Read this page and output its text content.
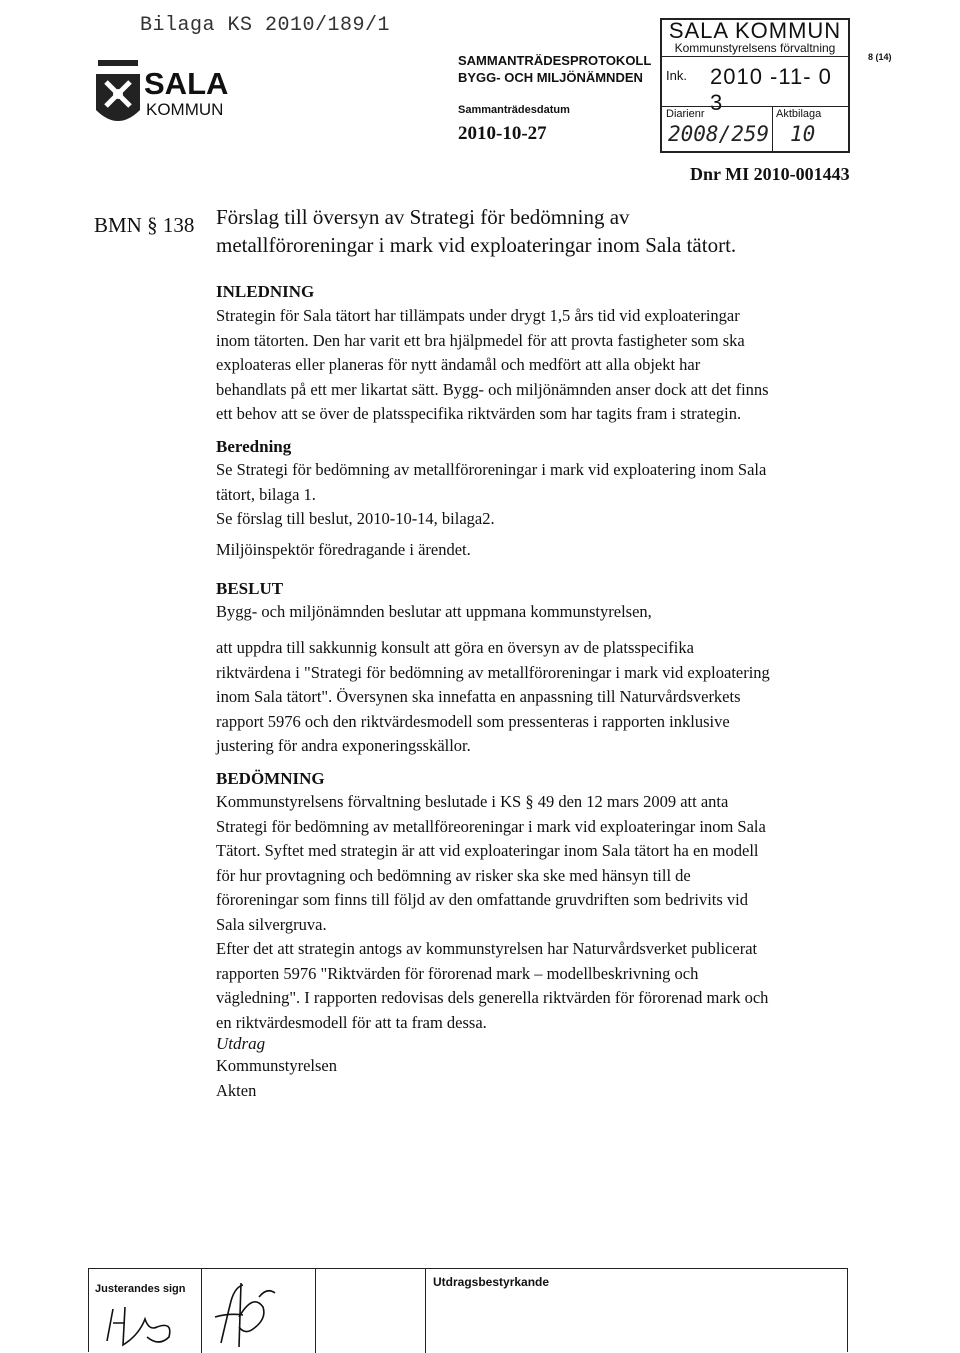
Bilaga KS 2010/189/1
SALA
KOMMUN
SAMMANTRÄDESPROTOKOLL
BYGG- OCH MILJÖNÄMNDEN
Sammanträdesdatum
2010-10-27
SALA KOMMUN
Kommunstyrelsens förvaltning
Ink. 2010 -11- 0 3
Diarienr	Aktbilaga
2008/259 10
8 (14)
Dnr MI 2010-001443
BMN § 138 Förslag till översyn av Strategi för bedömning av
metallföroreningar i mark vid exploateringar inom Sala tätort.
INLEDNING
Strategin för Sala tätort har tillämpats under drygt 1,5 års tid vid exploateringar
inom tätorten. Den har varit ett bra hjälpmedel för att provta fastigheter som ska
exploateras eller planeras för nytt ändamål och medfört att alla objekt har
behandlats på ett mer likartat sätt. Bygg- och miljönämnden anser dock att det finns
ett behov att se över de platsspecifika riktvärden som har tagits fram i strategin.
Beredning
Se Strategi för bedömning av metallföroreningar i mark vid exploatering inom Sala
tätort, bilaga 1.
Se förslag till beslut, 2010-10-14, bilaga2.
Miljöinspektör föredragande i ärendet.
BESLUT
Bygg- och miljönämnden beslutar att uppmana kommunstyrelsen,
att uppdra till sakkunnig konsult att göra en översyn av de platsspecifika
riktvärdena i "Strategi för bedömning av metallföroreningar i mark vid exploatering
inom Sala tätort". Översynen ska innefatta en anpassning till Naturvårdsverkets
rapport 5976 och den riktvärdesmodell som pressenteras i rapporten inklusive
justering för andra exponeringsskällor.
BEDÖMNING
Kommunstyrelsens förvaltning beslutade i KS § 49 den 12 mars 2009 att anta
Strategi för bedömning av metallföreoreningar i mark vid exploateringar inom Sala
Tätort. Syftet med strategin är att vid exploateringar inom Sala tätort ha en modell
för hur provtagning och bedömning av risker ska ske med hänsyn till de
föroreningar som finns till följd av den omfattande gruvdriften som bedrivits vid
Sala silvergruva.
Efter det att strategin antogs av kommunstyrelsen har Naturvårdsverket publicerat
rapporten 5976 "Riktvärden för förorenad mark – modellbeskrivning och
vägledning". I rapporten redovisas dels generella riktvärden för förorenad mark och
en riktvärdesmodell för att ta fram dessa.
Utdrag
Kommunstyrelsen
Akten
Justerandes sign	Utdragsbestyrkande
